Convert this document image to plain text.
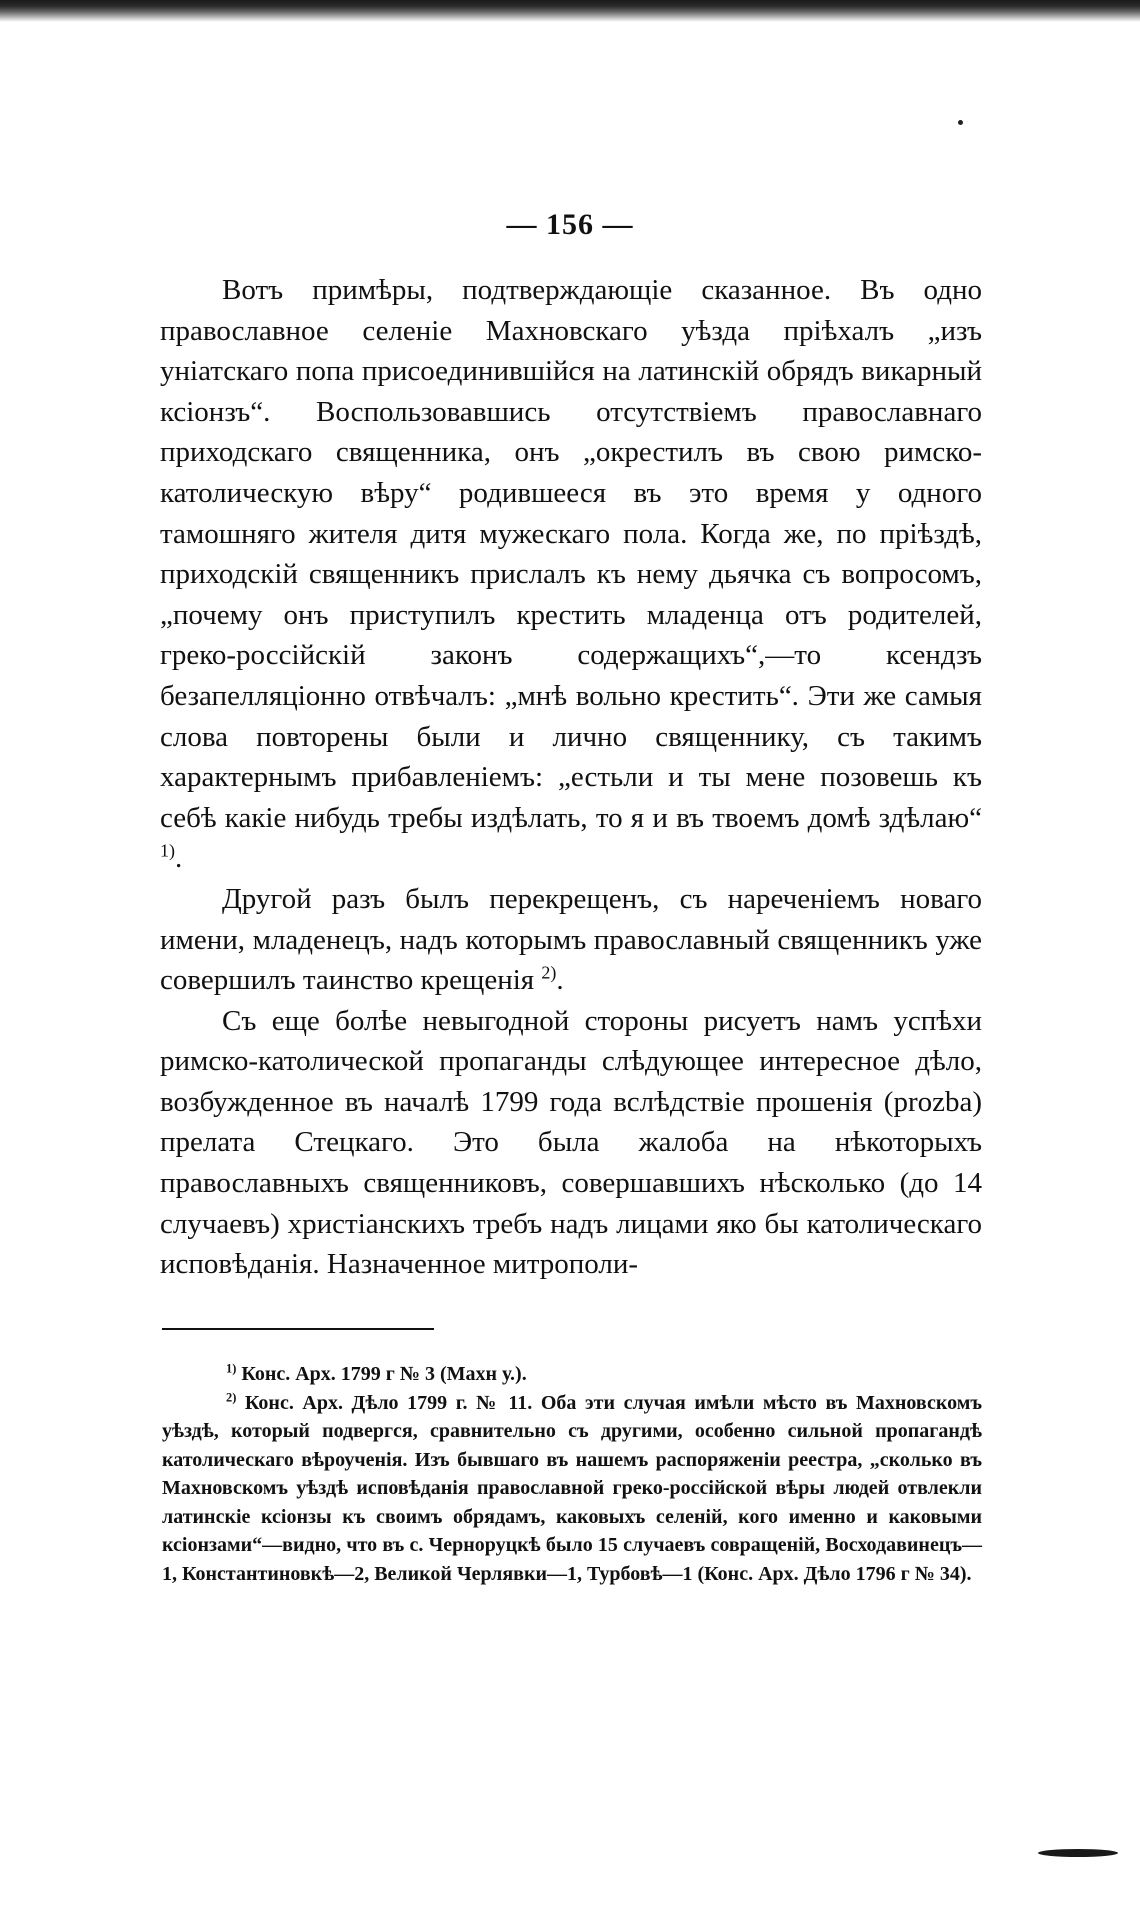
— 156 —

Вотъ примѣры, подтверждающіе сказанное. Въ одно православное селеніе Махновскаго уѣзда пріѣхалъ „изъ уніатскаго попа присоединившійся на латинскій обрядъ викарный ксіонзъ“. Воспользовавшись отсутствіемъ православнаго приходскаго священника, онъ „окрестилъ въ свою римско-католическую вѣру“ родившееся въ это время у одного тамошняго жителя дитя мужескаго пола. Когда же, по пріѣздѣ, приходскій священникъ прислалъ къ нему дьячка съ вопросомъ, „почему онъ приступилъ крестить младенца отъ родителей, греко-россійскій законъ содержащихъ“,—то ксендзъ безапелляціонно отвѣчалъ: „мнѣ вольно крестить“. Эти же самыя слова повторены были и лично священнику, съ такимъ характернымъ прибавленіемъ: „естьли и ты мене позовешь къ себѣ какіе нибудь требы издѣлать, то я и въ твоемъ домѣ здѣлаю“ $^{1)}$.

Другой разъ былъ перекрещенъ, съ нареченіемъ новаго имени, младенецъ, надъ которымъ православный священникъ уже совершилъ таинство крещенія $^{2)}$.

Съ еще болѣе невыгодной стороны рисуетъ намъ успѣхи римско-католической пропаганды слѣдующее интересное дѣло, возбужденное въ началѣ 1799 года вслѣдствіе прошенія (prozba) прелата Стецкаго. Это была жалоба на нѣкоторыхъ православныхъ священниковъ, совершавшихъ нѣсколько (до 14 случаевъ) христіанскихъ требъ надъ лицами яко бы католическаго исповѣданія. Назначенное митрополи-

$^{1)}$ Конс. Арх. 1799 г № 3 (Махн у.).

$^{2)}$ Конс. Арх. Дѣло 1799 г. № 11. Оба эти случая имѣли мѣсто въ Махновскомъ уѣздѣ, который подвергся, сравнительно съ другими, особенно сильной пропагандѣ католическаго вѣроученія. Изъ бывшаго въ нашемъ распоряженіи реестра, „сколько въ Махновскомъ уѣздѣ исповѣданія православной греко-россійской вѣры людей отвлекли латинскіе ксіонзы къ своимъ обрядамъ, каковыхъ селеній, кого именно и каковыми ксіонзами“—видно, что въ с. Черноруцкѣ было 15 случаевъ совращеній, Восходавинецъ—1, Константиновкѣ—2, Великой Черлявки—1, Турбовѣ—1 (Конс. Арх. Дѣло 1796 г № 34).
